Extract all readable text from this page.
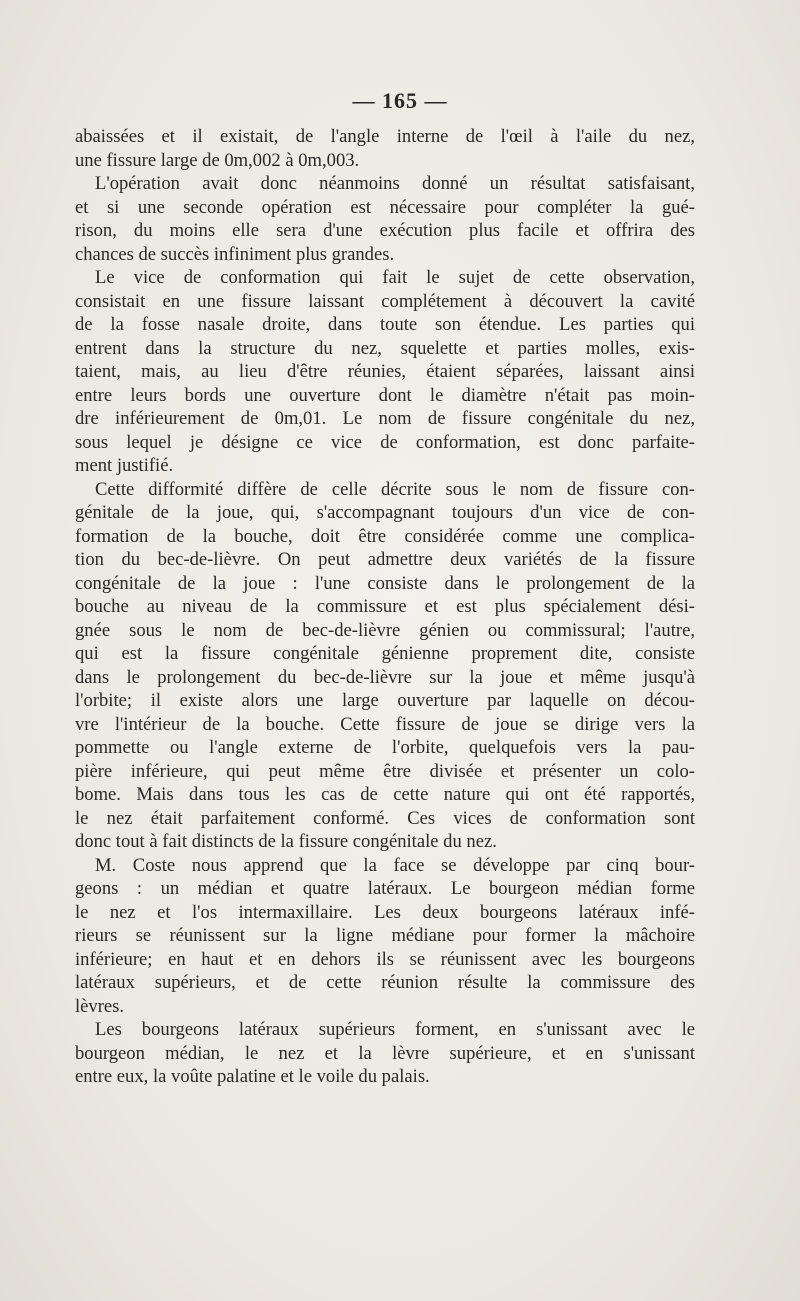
— 165 —

abaissées et il existait, de l'angle interne de l'œil à l'aile du nez,
une fissure large de 0m,002 à 0m,003.

L'opération avait donc néanmoins donné un résultat satisfaisant,
et si une seconde opération est nécessaire pour compléter la gué-
rison, du moins elle sera d'une exécution plus facile et offrira des
chances de succès infiniment plus grandes.

Le vice de conformation qui fait le sujet de cette observation,
consistait en une fissure laissant complétement à découvert la cavité
de la fosse nasale droite, dans toute son étendue. Les parties qui
entrent dans la structure du nez, squelette et parties molles, exis-
taient, mais, au lieu d'être réunies, étaient séparées, laissant ainsi
entre leurs bords une ouverture dont le diamètre n'était pas moin-
dre inférieurement de 0m,01. Le nom de fissure congénitale du nez,
sous lequel je désigne ce vice de conformation, est donc parfaite-
ment justifié.

Cette difformité diffère de celle décrite sous le nom de fissure con-
génitale de la joue, qui, s'accompagnant toujours d'un vice de con-
formation de la bouche, doit être considérée comme une complica-
tion du bec-de-lièvre. On peut admettre deux variétés de la fissure
congénitale de la joue : l'une consiste dans le prolongement de la
bouche au niveau de la commissure et est plus spécialement dési-
gnée sous le nom de bec-de-lièvre génien ou commissural; l'autre,
qui est la fissure congénitale génienne proprement dite, consiste
dans le prolongement du bec-de-lièvre sur la joue et même jusqu'à
l'orbite; il existe alors une large ouverture par laquelle on décou-
vre l'intérieur de la bouche. Cette fissure de joue se dirige vers la
pommette ou l'angle externe de l'orbite, quelquefois vers la pau-
pière inférieure, qui peut même être divisée et présenter un colo-
bome. Mais dans tous les cas de cette nature qui ont été rapportés,
le nez était parfaitement conformé. Ces vices de conformation sont
donc tout à fait distincts de la fissure congénitale du nez.

M. Coste nous apprend que la face se développe par cinq bour-
geons : un médian et quatre latéraux. Le bourgeon médian forme
le nez et l'os intermaxillaire. Les deux bourgeons latéraux infé-
rieurs se réunissent sur la ligne médiane pour former la mâchoire
inférieure; en haut et en dehors ils se réunissent avec les bourgeons
latéraux supérieurs, et de cette réunion résulte la commissure des
lèvres.

Les bourgeons latéraux supérieurs forment, en s'unissant avec le
bourgeon médian, le nez et la lèvre supérieure, et en s'unissant
entre eux, la voûte palatine et le voile du palais.
